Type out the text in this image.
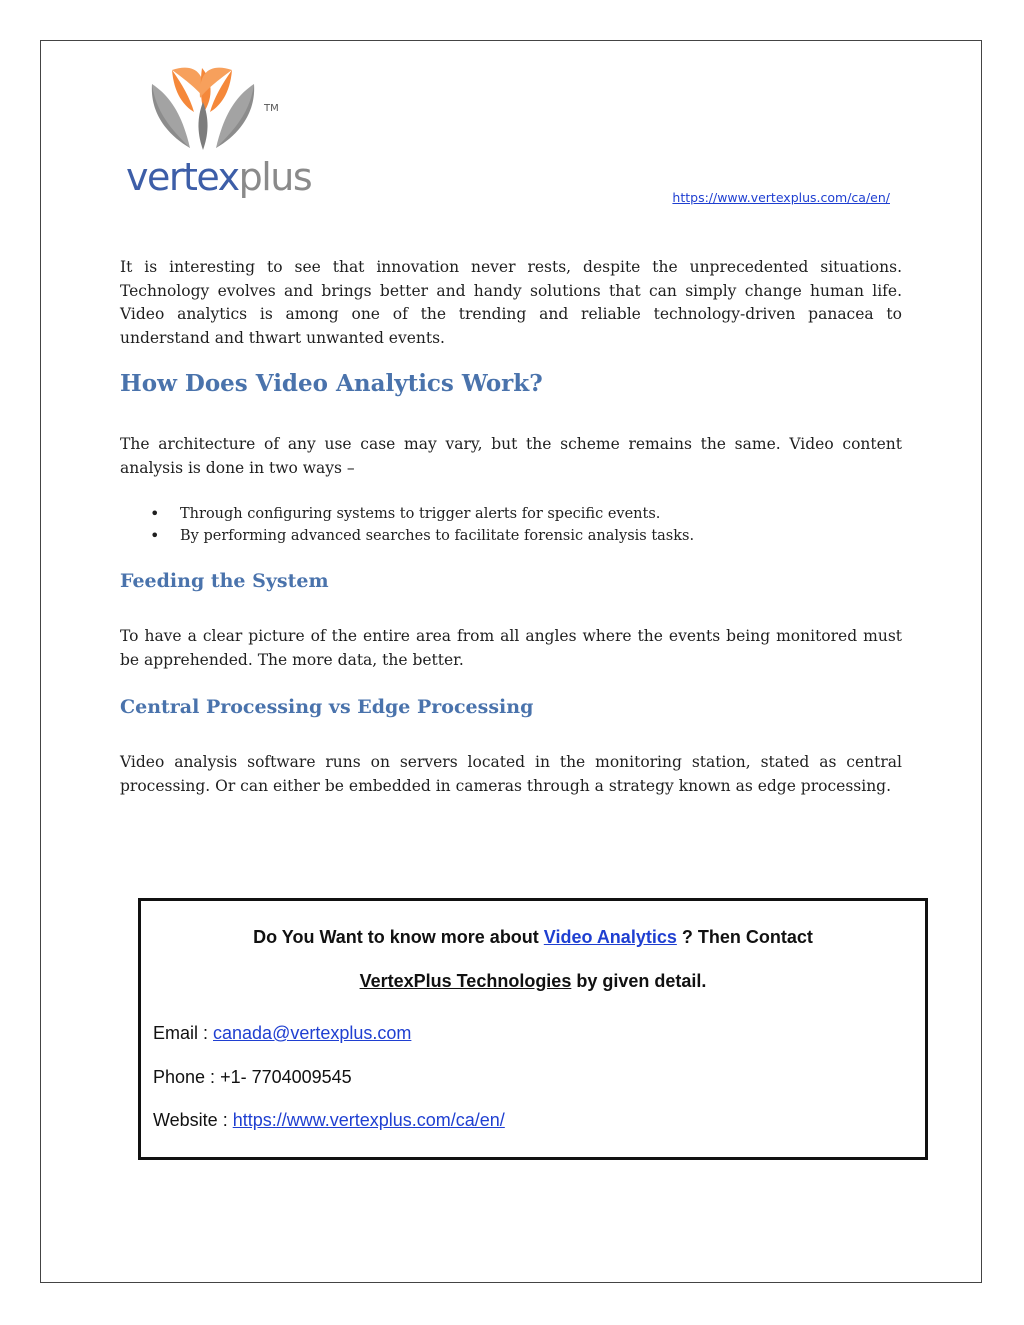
vertexplus
TM
https://www.vertexplus.com/ca/en/

It is interesting to see that innovation never rests, despite the unprecedented situations. Technology evolves and brings better and handy solutions that can simply change human life. Video analytics is among one of the trending and reliable technology-driven panacea to understand and thwart unwanted events.

How Does Video Analytics Work?

The architecture of any use case may vary, but the scheme remains the same. Video content analysis is done in two ways –

• Through configuring systems to trigger alerts for specific events.
• By performing advanced searches to facilitate forensic analysis tasks.
Feeding the System

To have a clear picture of the entire area from all angles where the events being monitored must be apprehended. The more data, the better.

Central Processing vs Edge Processing

Video analysis software runs on servers located in the monitoring station, stated as central processing. Or can either be embedded in cameras through a strategy known as edge processing.

Do You Want to know more about Video Analytics ? Then Contact

VertexPlus Technologies by given detail.

Email : canada@vertexplus.com

Phone : +1- 7704009545

Website : https://www.vertexplus.com/ca/en/
